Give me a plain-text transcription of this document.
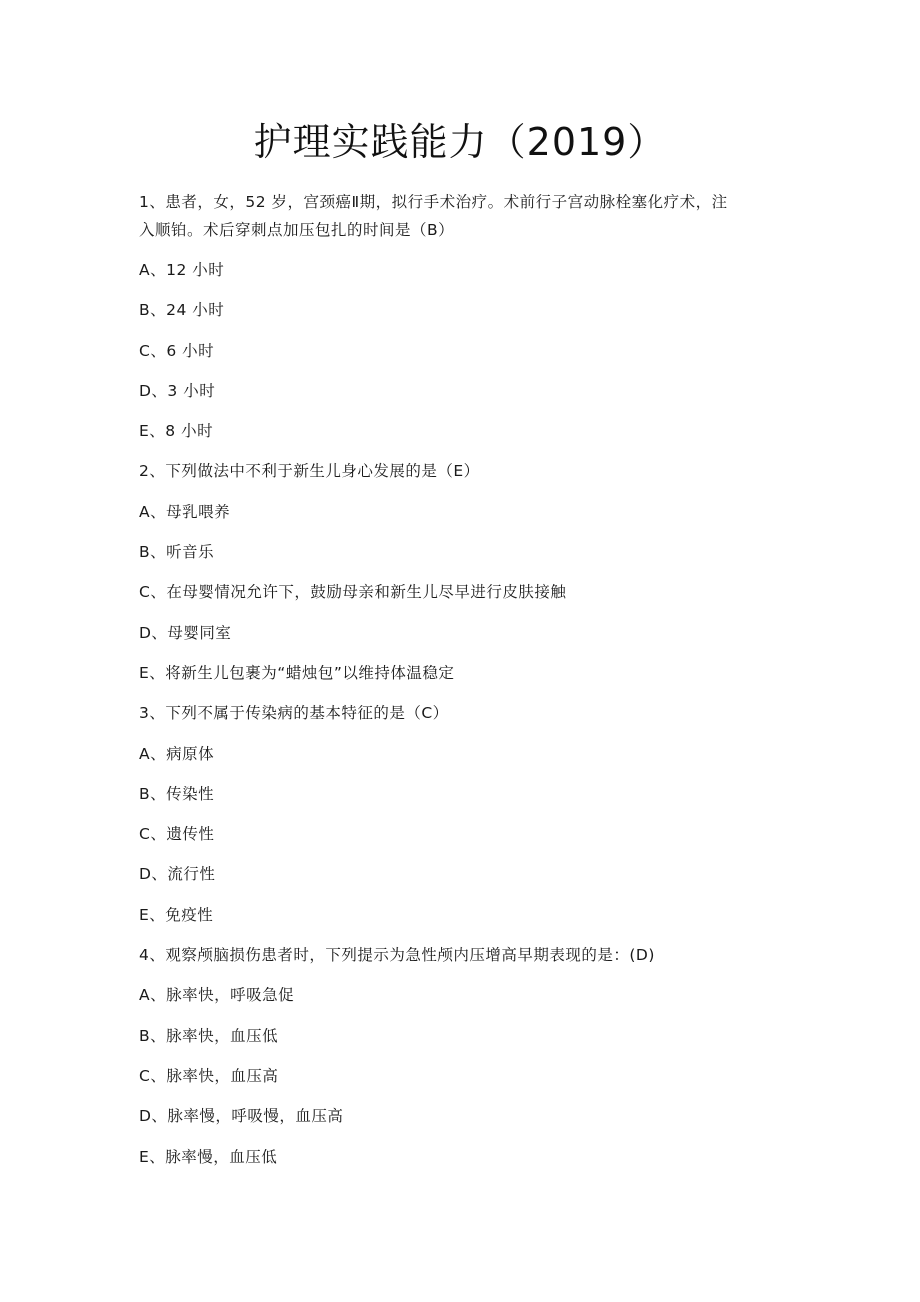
护理实践能力（2019）

1、患者，女，52 岁，宫颈癌Ⅱ期，拟行手术治疗。术前行子宫动脉栓塞化疗术，注

入顺铂。术后穿刺点加压包扎的时间是（B）

A、12 小时

B、24 小时

C、6 小时

D、3 小时

E、8 小时

2、下列做法中不利于新生儿身心发展的是（E）

A、母乳喂养

B、听音乐

C、在母婴情况允许下，鼓励母亲和新生儿尽早进行皮肤接触

D、母婴同室

E、将新生儿包裹为“蜡烛包”以维持体温稳定

3、下列不属于传染病的基本特征的是（C）

A、病原体

B、传染性

C、遗传性

D、流行性

E、免疫性

4、观察颅脑损伤患者时，下列提示为急性颅内压增高早期表现的是：(D)

A、脉率快，呼吸急促

B、脉率快，血压低

C、脉率快，血压高

D、脉率慢，呼吸慢，血压高

E、脉率慢，血压低
